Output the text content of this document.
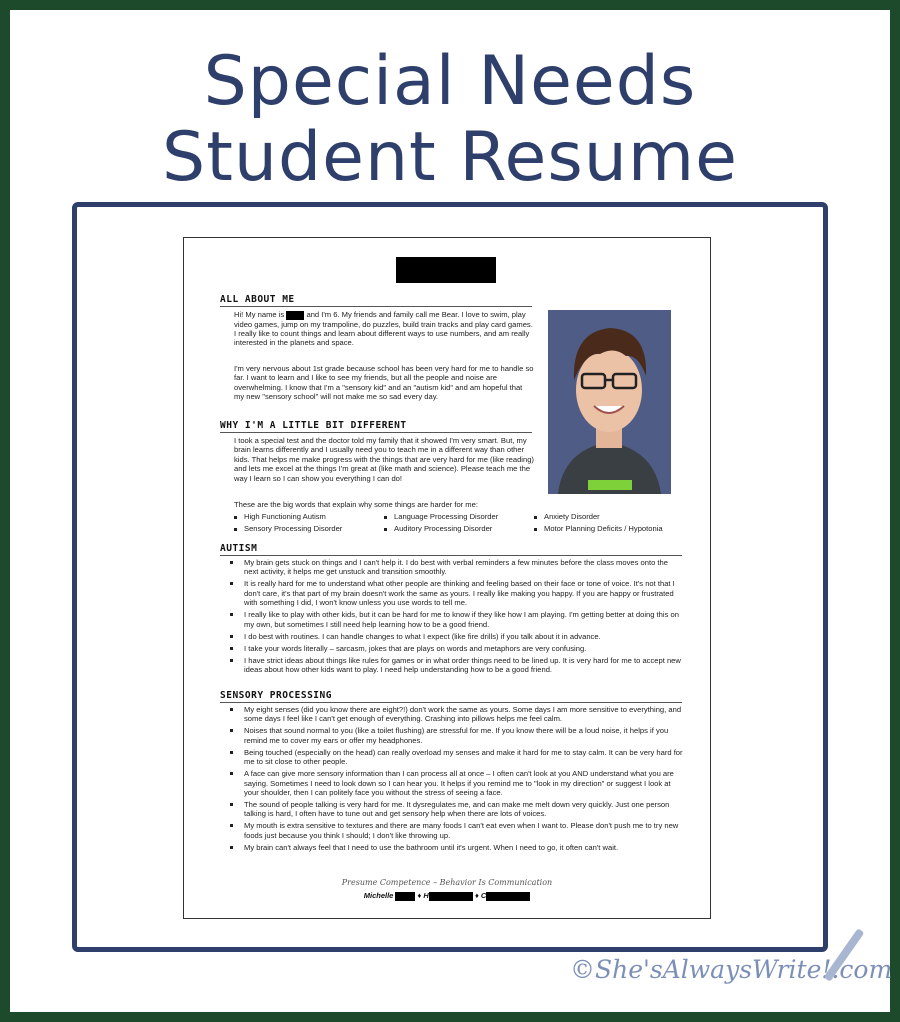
Special Needs
Student Resume
ALL ABOUT ME
Hi! My name is	and I'm 6. My friends and family call me Bear. I love to swim, play video games, jump on my trampoline, do puzzles, build train tracks and play card games. I really like to count things and learn about different ways to use numbers, and am really interested in the planets and space.
I'm very nervous about 1st grade because school has been very hard for me to handle so far. I want to learn and I like to see my friends, but all the people and noise are overwhelming. I know that I'm a "sensory kid" and an "autism kid" and am hopeful that my new "sensory school" will not make me so sad every day.
WHY I'M A LITTLE BIT DIFFERENT
I took a special test and the doctor told my family that it showed I'm very smart. But, my brain learns differently and I usually need you to teach me in a different way than other kids. That helps me make progress with the things that are very hard for me (like reading) and lets me excel at the things I'm great at (like math and science). Please teach me the way I learn so I can show you everything I can do!
These are the big words that explain why some things are harder for me:
High Functioning Autism	Language Processing Disorder	Anxiety Disorder
Sensory Processing Disorder	Auditory Processing Disorder	Motor Planning Deficits / Hypotonia
AUTISM
My brain gets stuck on things and I can't help it. I do best with verbal reminders a few minutes before the class moves onto the next activity, it helps me get unstuck and transition smoothly.
It is really hard for me to understand what other people are thinking and feeling based on their face or tone of voice. It's not that I don't care, it's that part of my brain doesn't work the same as yours. I really like making you happy. If you are happy or frustrated with something I did, I won't know unless you use words to tell me.
I really like to play with other kids, but it can be hard for me to know if they like how I am playing. I'm getting better at doing this on my own, but sometimes I still need help learning how to be a good friend.
I do best with routines. I can handle changes to what I expect (like fire drills) if you talk about it in advance.
I take your words literally – sarcasm, jokes that are plays on words and metaphors are very confusing.
I have strict ideas about things like rules for games or in what order things need to be lined up. It is very hard for me to accept new ideas about how other kids want to play. I need help understanding how to be a good friend.
SENSORY PROCESSING
My eight senses (did you know there are eight?!) don't work the same as yours. Some days I am more sensitive to everything, and some days I feel like I can't get enough of everything. Crashing into pillows helps me feel calm.
Noises that sound normal to you (like a toilet flushing) are stressful for me. If you know there will be a loud noise, it helps if you remind me to cover my ears or offer my headphones.
Being touched (especially on the head) can really overload my senses and make it hard for me to stay calm. It can be very hard for me to sit close to other people.
A face can give more sensory information than I can process all at once – I often can't look at you AND understand what you are saying. Sometimes I need to look down so I can hear you. It helps if you remind me to "look in my direction" or suggest I look at your shoulder, then I can politely face you without the stress of seeing a face.
The sound of people talking is very hard for me. It dysregulates me, and can make me melt down very quickly. Just one person talking is hard, I often have to tune out and get sensory help when there are lots of voices.
My mouth is extra sensitive to textures and there are many foods I can't eat even when I want to. Please don't push me to try new foods just because you think I should; I don't like throwing up.
My brain can't always feel that I need to use the bathroom until it's urgent. When I need to go, it often can't wait.
Presume Competence – Behavior Is Communication
Michelle	♦ H	♦ C
©She'sAlwaysWrite!.com
